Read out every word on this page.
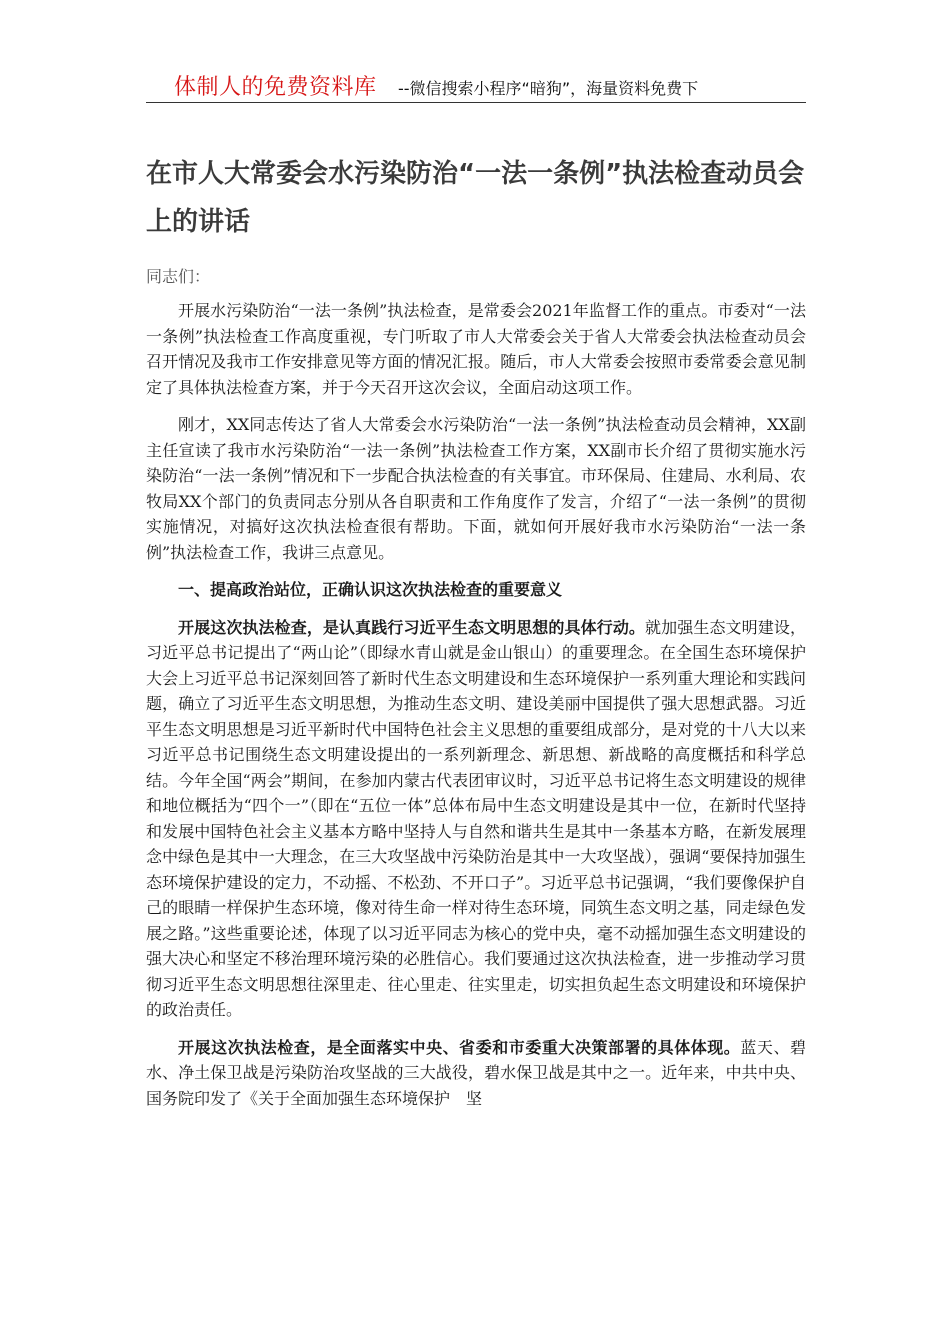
体制人的免费资料库 --微信搜索小程序“暗狗”，海量资料免费下
在市人大常委会水污染防治“一法一条例”执法检查动员会上的讲话

同志们：

开展水污染防治“一法一条例”执法检查，是常委会2021年监督工作的重点。市委对“一法一条例”执法检查工作高度重视，专门听取了市人大常委会关于省人大常委会执法检查动员会召开情况及我市工作安排意见等方面的情况汇报。随后，市人大常委会按照市委常委会意见制定了具体执法检查方案，并于今天召开这次会议，全面启动这项工作。

刚才，XX同志传达了省人大常委会水污染防治“一法一条例”执法检查动员会精神，XX副主任宣读了我市水污染防治“一法一条例”执法检查工作方案，XX副市长介绍了贯彻实施水污染防治“一法一条例”情况和下一步配合执法检查的有关事宜。市环保局、住建局、水利局、农牧局XX个部门的负责同志分别从各自职责和工作角度作了发言，介绍了“一法一条例”的贯彻实施情况，对搞好这次执法检查很有帮助。下面，就如何开展好我市水污染防治“一法一条例”执法检查工作，我讲三点意见。

一、提高政治站位，正确认识这次执法检查的重要意义

开展这次执法检查，是认真践行习近平生态文明思想的具体行动。就加强生态文明建设，习近平总书记提出了“两山论”（即绿水青山就是金山银山）的重要理念。在全国生态环境保护大会上习近平总书记深刻回答了新时代生态文明建设和生态环境保护一系列重大理论和实践问题，确立了习近平生态文明思想，为推动生态文明、建设美丽中国提供了强大思想武器。习近平生态文明思想是习近平新时代中国特色社会主义思想的重要组成部分，是对党的十八大以来习近平总书记围绕生态文明建设提出的一系列新理念、新思想、新战略的高度概括和科学总结。今年全国“两会”期间，在参加内蒙古代表团审议时，习近平总书记将生态文明建设的规律和地位概括为“四个一”（即在“五位一体”总体布局中生态文明建设是其中一位，在新时代坚持和发展中国特色社会主义基本方略中坚持人与自然和谐共生是其中一条基本方略，在新发展理念中绿色是其中一大理念，在三大攻坚战中污染防治是其中一大攻坚战），强调“要保持加强生态环境保护建设的定力，不动摇、不松劲、不开口子”。习近平总书记强调，“我们要像保护自己的眼睛一样保护生态环境，像对待生命一样对待生态环境，同筑生态文明之基，同走绿色发展之路。”这些重要论述，体现了以习近平同志为核心的党中央，毫不动摇加强生态文明建设的强大决心和坚定不移治理环境污染的必胜信心。我们要通过这次执法检查，进一步推动学习贯彻习近平生态文明思想往深里走、往心里走、往实里走，切实担负起生态文明建设和环境保护的政治责任。

开展这次执法检查，是全面落实中央、省委和市委重大决策部署的具体体现。蓝天、碧水、净土保卫战是污染防治攻坚战的三大战役，碧水保卫战是其中之一。近年来，中共中央、国务院印发了《关于全面加强生态环境保护　坚
